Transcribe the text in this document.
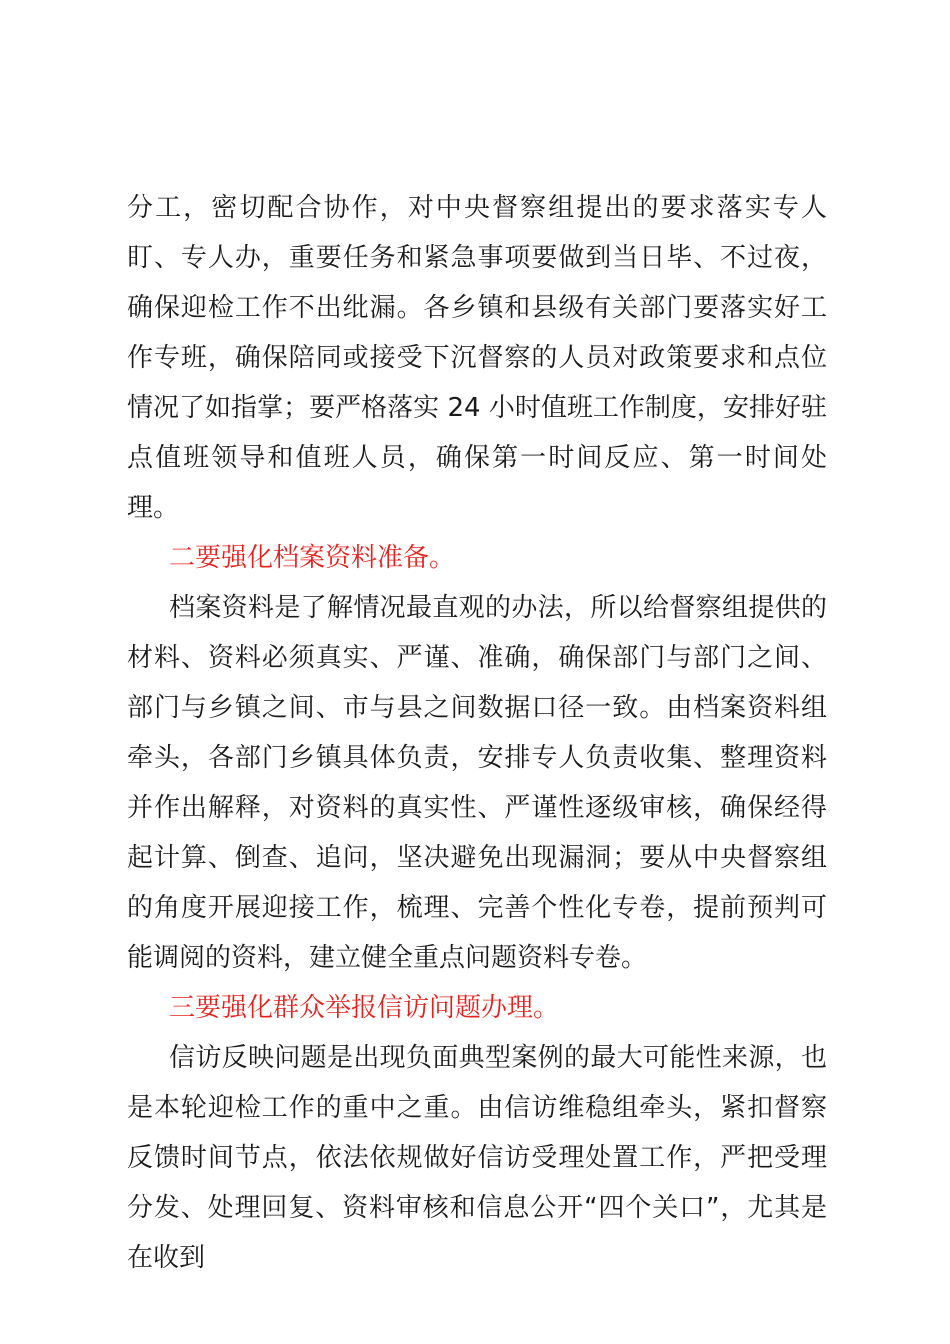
分工，密切配合协作，对中央督察组提出的要求落实专人盯、专人办，重要任务和紧急事项要做到当日毕、不过夜，确保迎检工作不出纰漏。各乡镇和县级有关部门要落实好工作专班，确保陪同或接受下沉督察的人员对政策要求和点位情况了如指掌；要严格落实 24 小时值班工作制度，安排好驻点值班领导和值班人员，确保第一时间反应、第一时间处理。

二要强化档案资料准备。

档案资料是了解情况最直观的办法，所以给督察组提供的材料、资料必须真实、严谨、准确，确保部门与部门之间、部门与乡镇之间、市与县之间数据口径一致。由档案资料组牵头，各部门乡镇具体负责，安排专人负责收集、整理资料并作出解释，对资料的真实性、严谨性逐级审核，确保经得起计算、倒查、追问，坚决避免出现漏洞；要从中央督察组的角度开展迎接工作，梳理、完善个性化专卷，提前预判可能调阅的资料，建立健全重点问题资料专卷。

三要强化群众举报信访问题办理。

信访反映问题是出现负面典型案例的最大可能性来源，也是本轮迎检工作的重中之重。由信访维稳组牵头，紧扣督察反馈时间节点，依法依规做好信访受理处置工作，严把受理分发、处理回复、资料审核和信息公开“四个关口”，尤其是在收到
